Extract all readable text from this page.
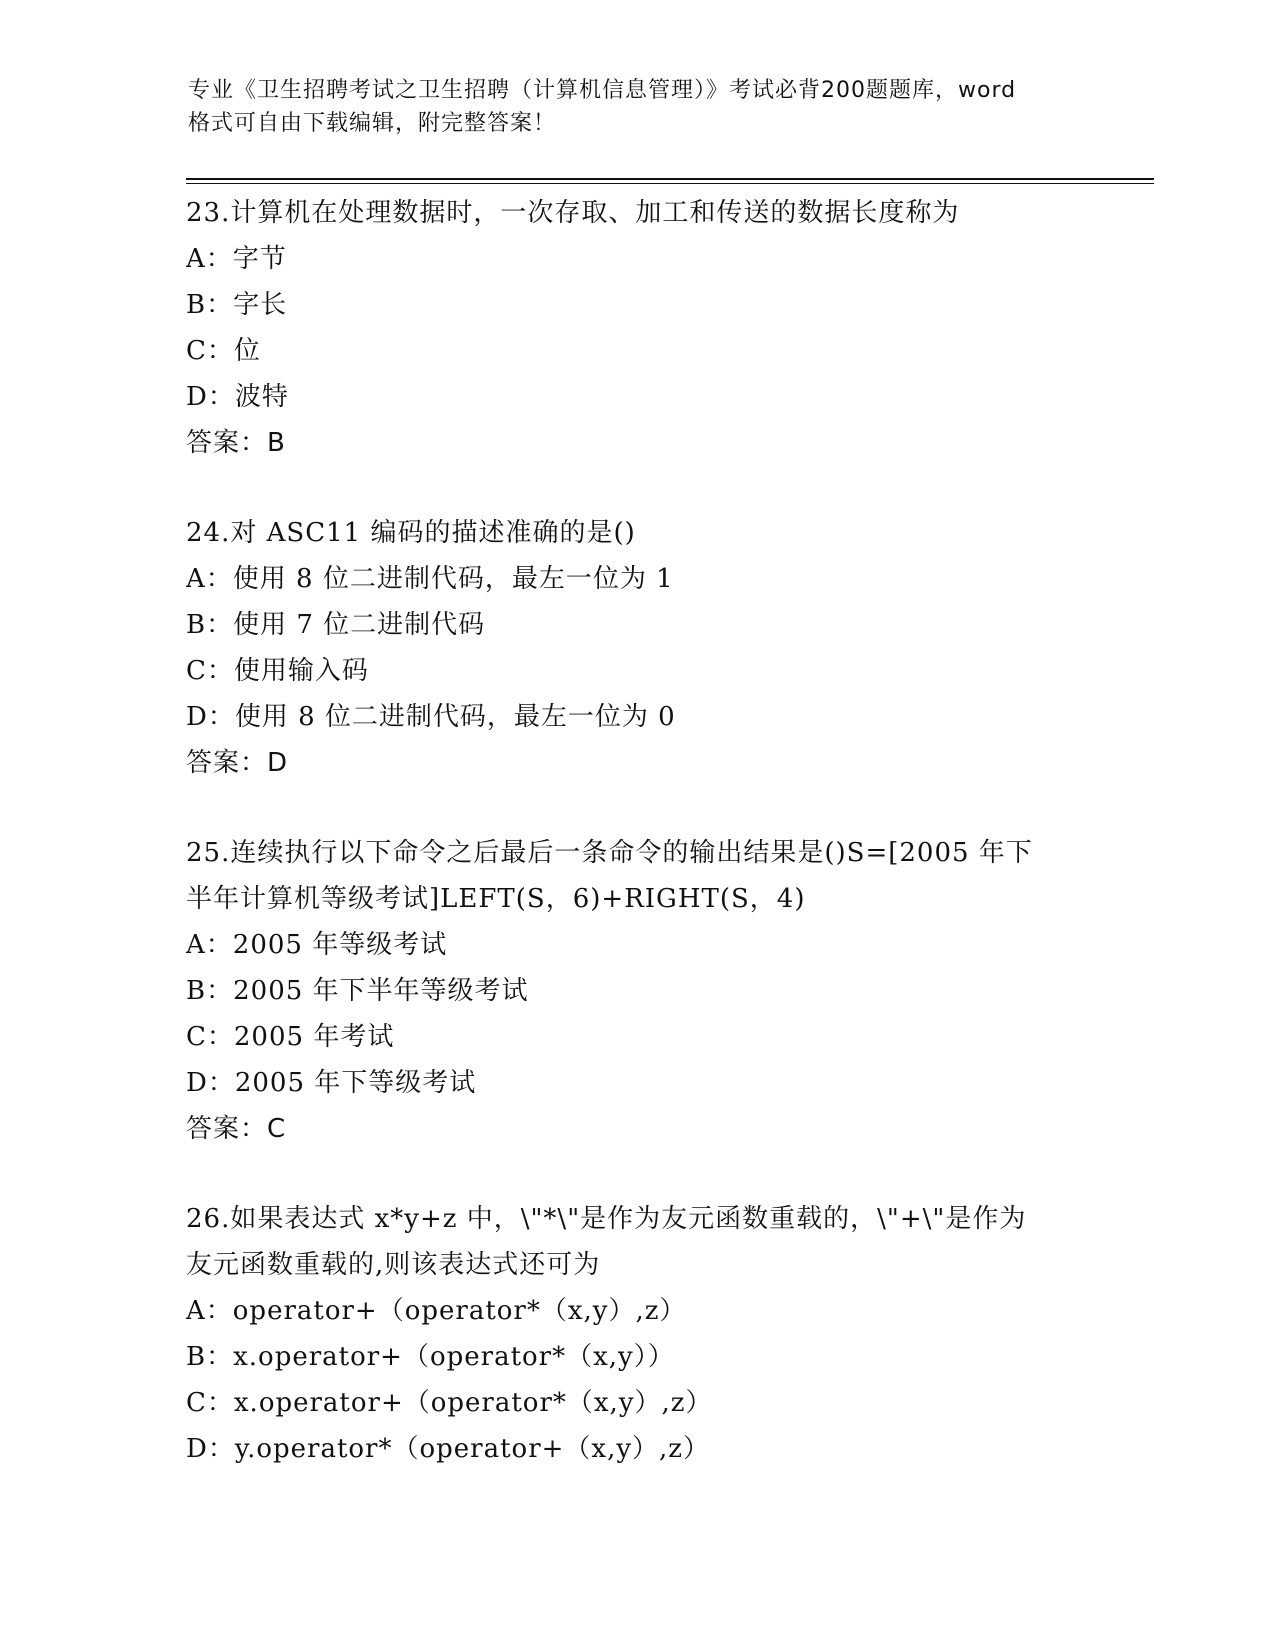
专业《卫生招聘考试之卫生招聘（计算机信息管理）》考试必背200题题库，word
格式可自由下载编辑，附完整答案！

23.计算机在处理数据时，一次存取、加工和传送的数据长度称为

A：字节

B：字长

C：位

D：波特

答案：B

24.对 ASC11 编码的描述准确的是()

A：使用 8 位二进制代码，最左一位为 1

B：使用 7 位二进制代码

C：使用输入码

D：使用 8 位二进制代码，最左一位为 0

答案：D

25.连续执行以下命令之后最后一条命令的输出结果是()S=[2005 年下

半年计算机等级考试]LEFT(S，6)+RIGHT(S，4)

A：2005 年等级考试

B：2005 年下半年等级考试

C：2005 年考试

D：2005 年下等级考试

答案：C

26.如果表达式 x*y+z 中，\"*\"是作为友元函数重载的，\"+\"是作为

友元函数重载的,则该表达式还可为

A：operator+（operator*（x,y）,z）

B：x.operator+（operator*（x,y））

C：x.operator+（operator*（x,y）,z）

D：y.operator*（operator+（x,y）,z）
